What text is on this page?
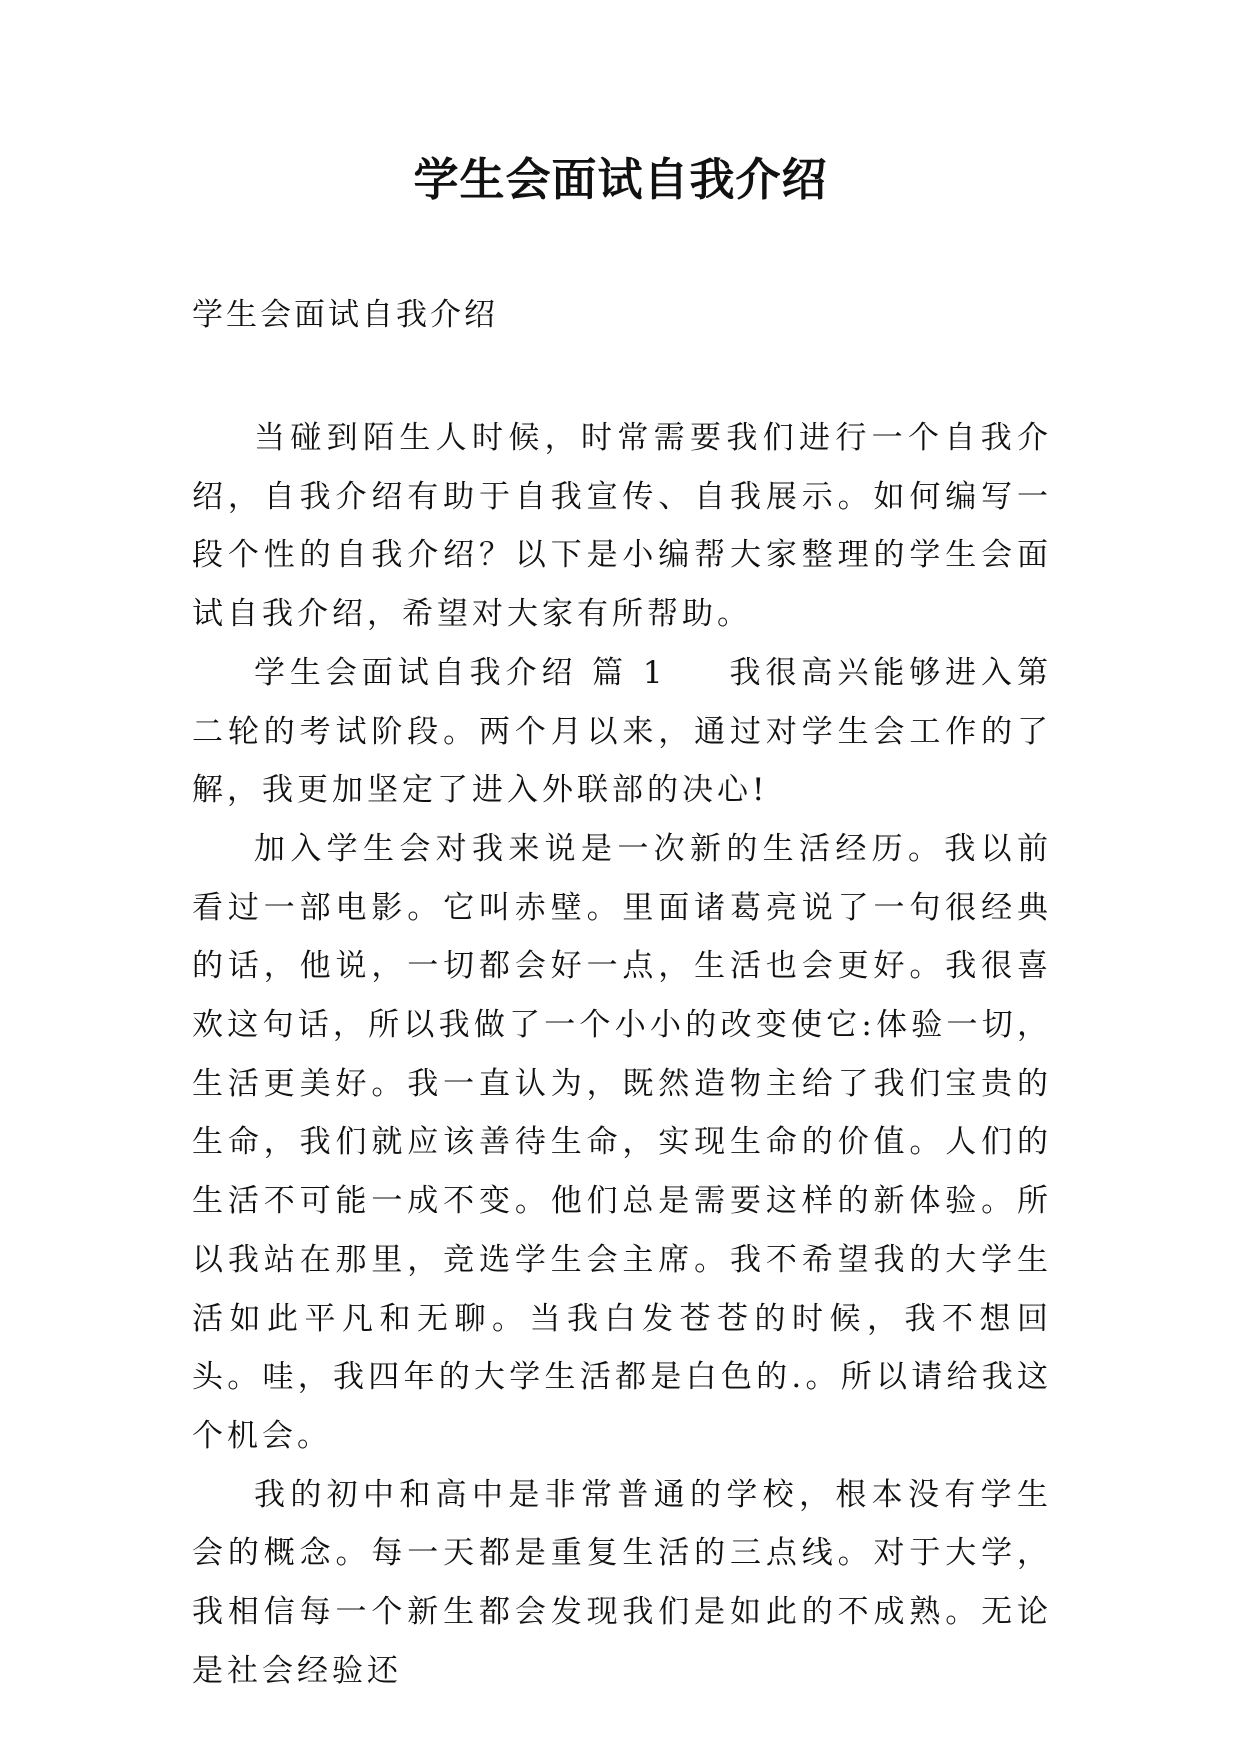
学生会面试自我介绍
学生会面试自我介绍

当碰到陌生人时候，时常需要我们进行一个自我介绍，自我介绍有助于自我宣传、自我展示。如何编写一段个性的自我介绍？以下是小编帮大家整理的学生会面试自我介绍，希望对大家有所帮助。

学生会面试自我介绍 篇 1 我很高兴能够进入第二轮的考试阶段。两个月以来，通过对学生会工作的了解，我更加坚定了进入外联部的决心!

加入学生会对我来说是一次新的生活经历。我以前看过一部电影。它叫赤壁。里面诸葛亮说了一句很经典的话，他说，一切都会好一点，生活也会更好。我很喜欢这句话，所以我做了一个小小的改变使它:体验一切，生活更美好。我一直认为，既然造物主给了我们宝贵的生命，我们就应该善待生命，实现生命的价值。人们的生活不可能一成不变。他们总是需要这样的新体验。所以我站在那里，竞选学生会主席。我不希望我的大学生活如此平凡和无聊。当我白发苍苍的时候，我不想回头。哇，我四年的大学生活都是白色的.。所以请给我这个机会。

我的初中和高中是非常普通的学校，根本没有学生会的概念。每一天都是重复生活的三点线。对于大学，我相信每一个新生都会发现我们是如此的不成熟。无论是社会经验还
